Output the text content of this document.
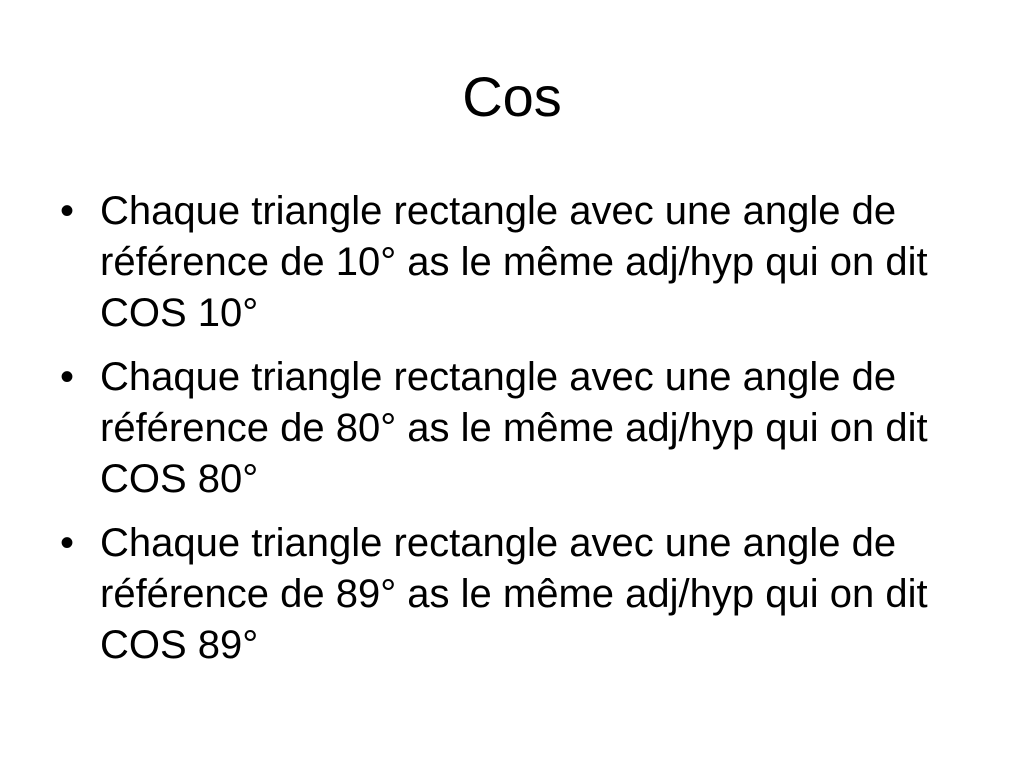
Cos
• Chaque triangle rectangle avec une angle de référence de 10° as le même adj/hyp qui on dit COS 10°
• Chaque triangle rectangle avec une angle de référence de 80° as le même adj/hyp qui on dit COS 80°
• Chaque triangle rectangle avec une angle de référence de 89° as le même adj/hyp qui on dit COS 89°
